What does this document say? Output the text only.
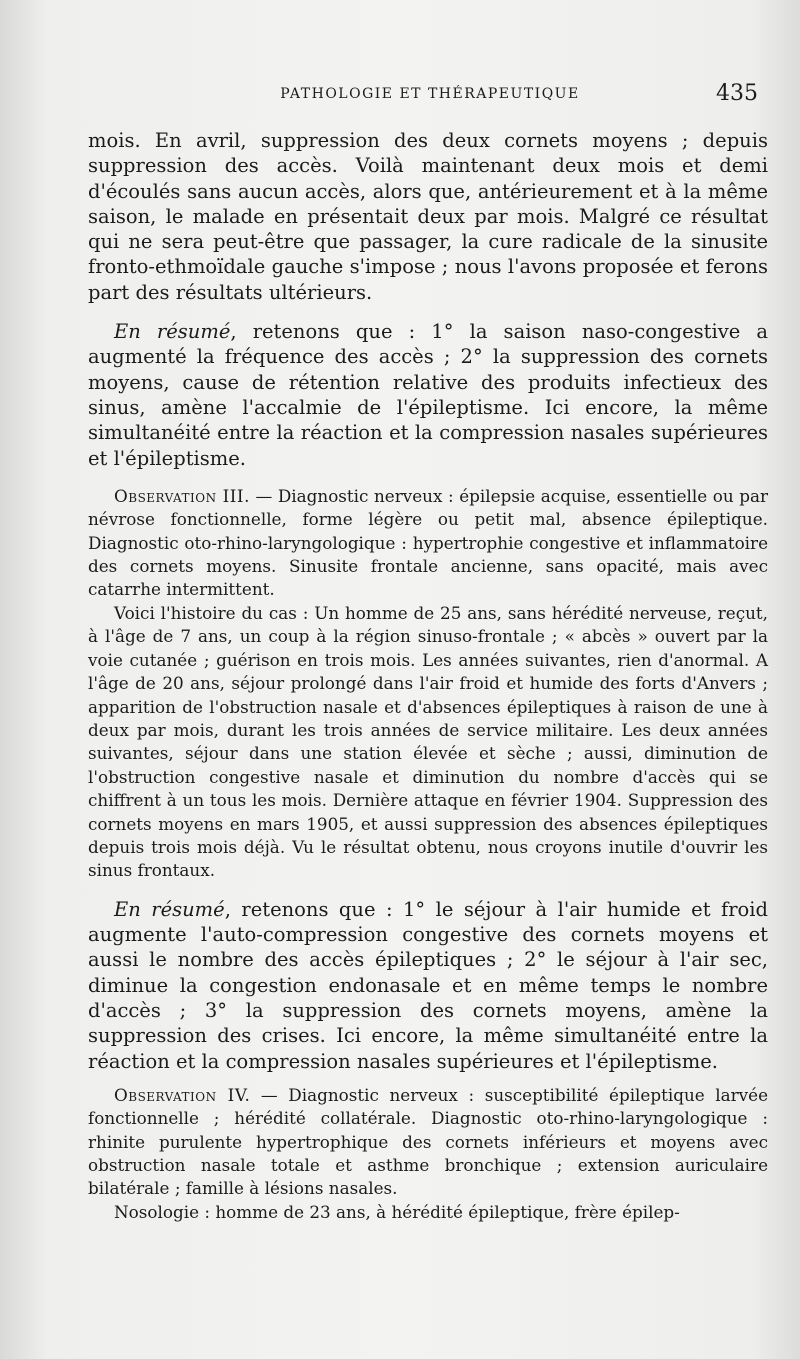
PATHOLOGIE ET THÉRAPEUTIQUE	435

mois. En avril, suppression des deux cornets moyens ; depuis suppression des accès. Voilà maintenant deux mois et demi d'écoulés sans aucun accès, alors que, antérieurement et à la même saison, le malade en présentait deux par mois. Malgré ce résultat qui ne sera peut-être que passager, la cure radicale de la sinusite fronto-ethmoïdale gauche s'impose ; nous l'avons proposée et ferons part des résultats ultérieurs.

En résumé, retenons que : 1° la saison naso-congestive a augmenté la fréquence des accès ; 2° la suppression des cornets moyens, cause de rétention relative des produits infectieux des sinus, amène l'accalmie de l'épileptisme. Ici encore, la même simultanéité entre la réaction et la compression nasales supérieures et l'épileptisme.

Observation III. — Diagnostic nerveux : épilepsie acquise, essentielle ou par névrose fonctionnelle, forme légère ou petit mal, absence épileptique. Diagnostic oto-rhino-laryngologique : hypertrophie congestive et inflammatoire des cornets moyens. Sinusite frontale ancienne, sans opacité, mais avec catarrhe intermittent.

Voici l'histoire du cas : Un homme de 25 ans, sans hérédité nerveuse, reçut, à l'âge de 7 ans, un coup à la région sinuso-frontale ; « abcès » ouvert par la voie cutanée ; guérison en trois mois. Les années suivantes, rien d'anormal. A l'âge de 20 ans, séjour prolongé dans l'air froid et humide des forts d'Anvers ; apparition de l'obstruction nasale et d'absences épileptiques à raison de une à deux par mois, durant les trois années de service militaire. Les deux années suivantes, séjour dans une station élevée et sèche ; aussi, diminution de l'obstruction congestive nasale et diminution du nombre d'accès qui se chiffrent à un tous les mois. Dernière attaque en février 1904. Suppression des cornets moyens en mars 1905, et aussi suppression des absences épileptiques depuis trois mois déjà. Vu le résultat obtenu, nous croyons inutile d'ouvrir les sinus frontaux.

En résumé, retenons que : 1° le séjour à l'air humide et froid augmente l'auto-compression congestive des cornets moyens et aussi le nombre des accès épileptiques ; 2° le séjour à l'air sec, diminue la congestion endonasale et en même temps le nombre d'accès ; 3° la suppression des cornets moyens, amène la suppression des crises. Ici encore, la même simultanéité entre la réaction et la compression nasales supérieures et l'épileptisme.

Observation IV. — Diagnostic nerveux : susceptibilité épileptique larvée fonctionnelle ; hérédité collatérale. Diagnostic oto-rhino-laryngologique : rhinite purulente hypertrophique des cornets inférieurs et moyens avec obstruction nasale totale et asthme bronchique ; extension auriculaire bilatérale ; famille à lésions nasales.

Nosologie : homme de 23 ans, à hérédité épileptique, frère épilep-
